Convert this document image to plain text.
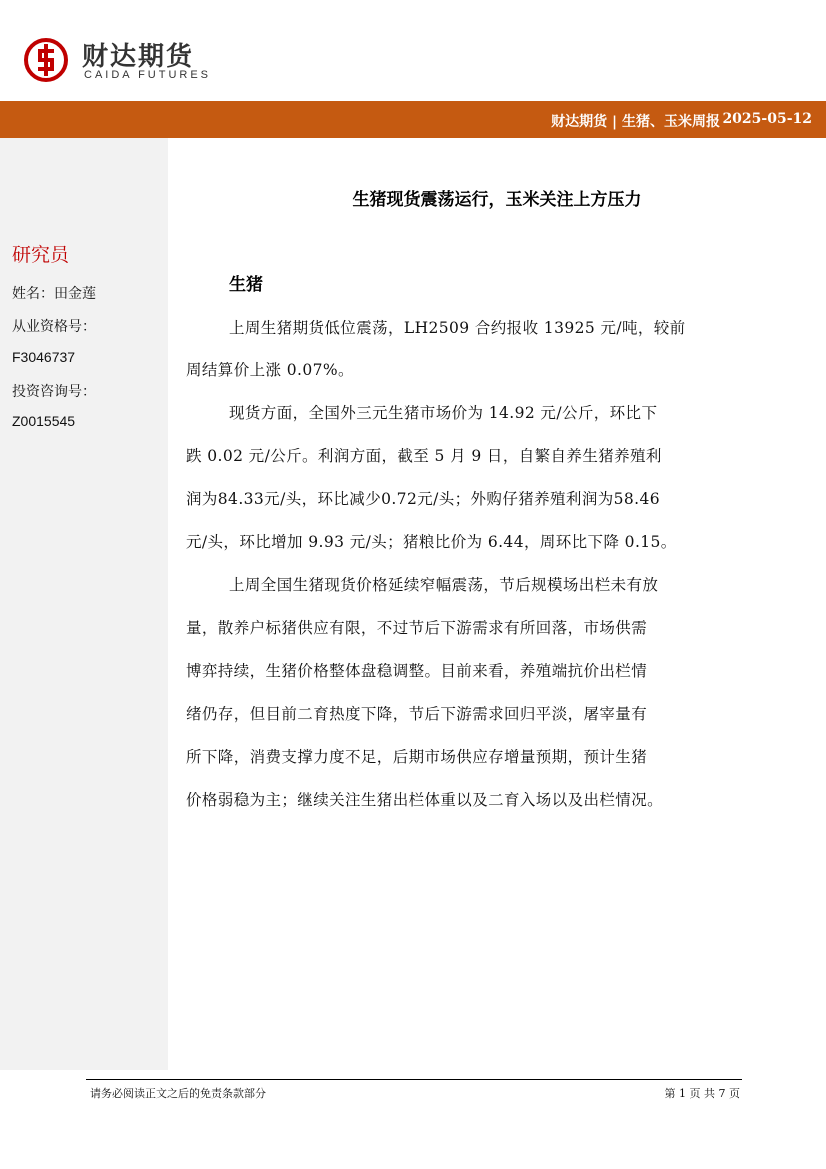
财达期货
CAIDA FUTURES
财达期货 | 生猪、玉米周报 2025-05-12
研究员
姓名：田金莲
从业资格号：
F3046737
投资咨询号：
Z0015545
生猪现货震荡运行，玉米关注上方压力
生猪
上周生猪期货低位震荡，LH2509 合约报收 13925 元/吨，较前
周结算价上涨 0.07%。
现货方面，全国外三元生猪市场价为 14.92 元/公斤，环比下
跌 0.02 元/公斤。利润方面，截至 5 月 9 日，自繁自养生猪养殖利
润为84.33元/头，环比减少0.72元/头；外购仔猪养殖利润为58.46
元/头，环比增加 9.93 元/头；猪粮比价为 6.44，周环比下降 0.15。
上周全国生猪现货价格延续窄幅震荡，节后规模场出栏未有放
量，散养户标猪供应有限，不过节后下游需求有所回落，市场供需
博弈持续，生猪价格整体盘稳调整。目前来看，养殖端抗价出栏情
绪仍存，但目前二育热度下降，节后下游需求回归平淡，屠宰量有
所下降，消费支撑力度不足，后期市场供应存增量预期，预计生猪
价格弱稳为主；继续关注生猪出栏体重以及二育入场以及出栏情况。
请务必阅读正文之后的免责条款部分	第 1 页 共 7 页
